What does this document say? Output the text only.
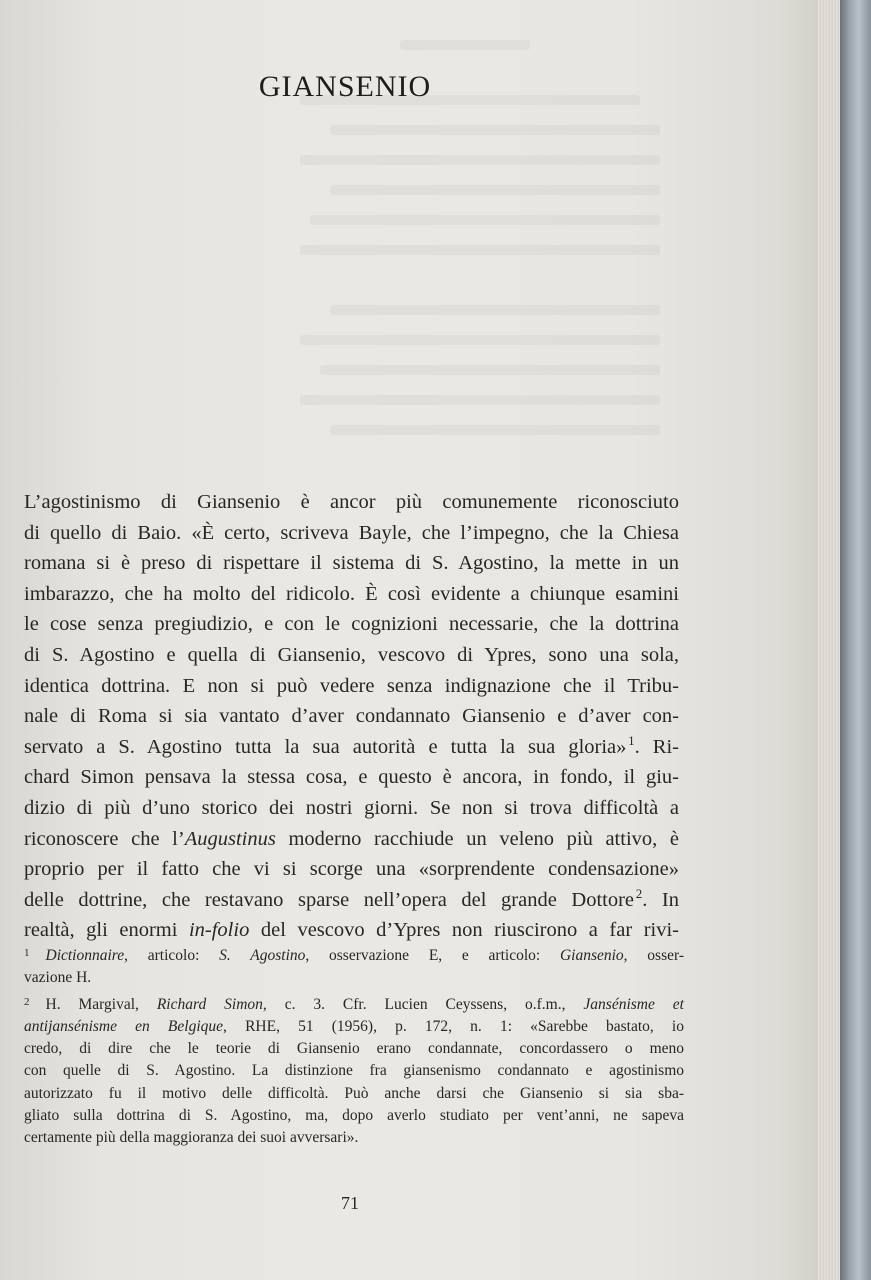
GIANSENIO

L’agostinismo di Giansenio è ancor più comunemente riconosciuto
di quello di Baio. «È certo, scriveva Bayle, che l’impegno, che la Chiesa
romana si è preso di rispettare il sistema di S. Agostino, la mette in un
imbarazzo, che ha molto del ridicolo. È così evidente a chiunque esamini
le cose senza pregiudizio, e con le cognizioni necessarie, che la dottrina
di S. Agostino e quella di Giansenio, vescovo di Ypres, sono una sola,
identica dottrina. E non si può vedere senza indignazione che il Tribu-
nale di Roma si sia vantato d’aver condannato Giansenio e d’aver con-
servato a S. Agostino tutta la sua autorità e tutta la sua gloria»  $^1$. Ri-
chard Simon pensava la stessa cosa, e questo è ancora, in fondo, il giu-
dizio di più d’uno storico dei nostri giorni. Se non si trova difficoltà a
riconoscere che l’Augustinus moderno racchiude un veleno più attivo, è
proprio per il fatto che vi si scorge una «sorprendente condensazione»
delle dottrine, che restavano sparse nell’opera del grande Dottore  $^2$. In
realtà, gli enormi in-folio del vescovo d’Ypres non riuscirono a far rivi-

1 Dictionnaire, articolo: S. Agostino, osservazione E, e articolo: Giansenio, osser-
vazione H.
2 H. Margival, Richard Simon, c. 3. Cfr. Lucien Ceyssens, o.f.m., Jansénisme et
antijansénisme en Belgique, RHE, 51 (1956), p. 172, n. 1: «Sarebbe bastato, io
credo, di dire che le teorie di Giansenio erano condannate, concordassero o meno
con quelle di S. Agostino. La distinzione fra giansenismo condannato e agostinismo
autorizzato fu il motivo delle difficoltà. Può anche darsi che Giansenio si sia sba-
gliato sulla dottrina di S. Agostino, ma, dopo averlo studiato per vent’anni, ne sapeva
certamente più della maggioranza dei suoi avversari».

71
